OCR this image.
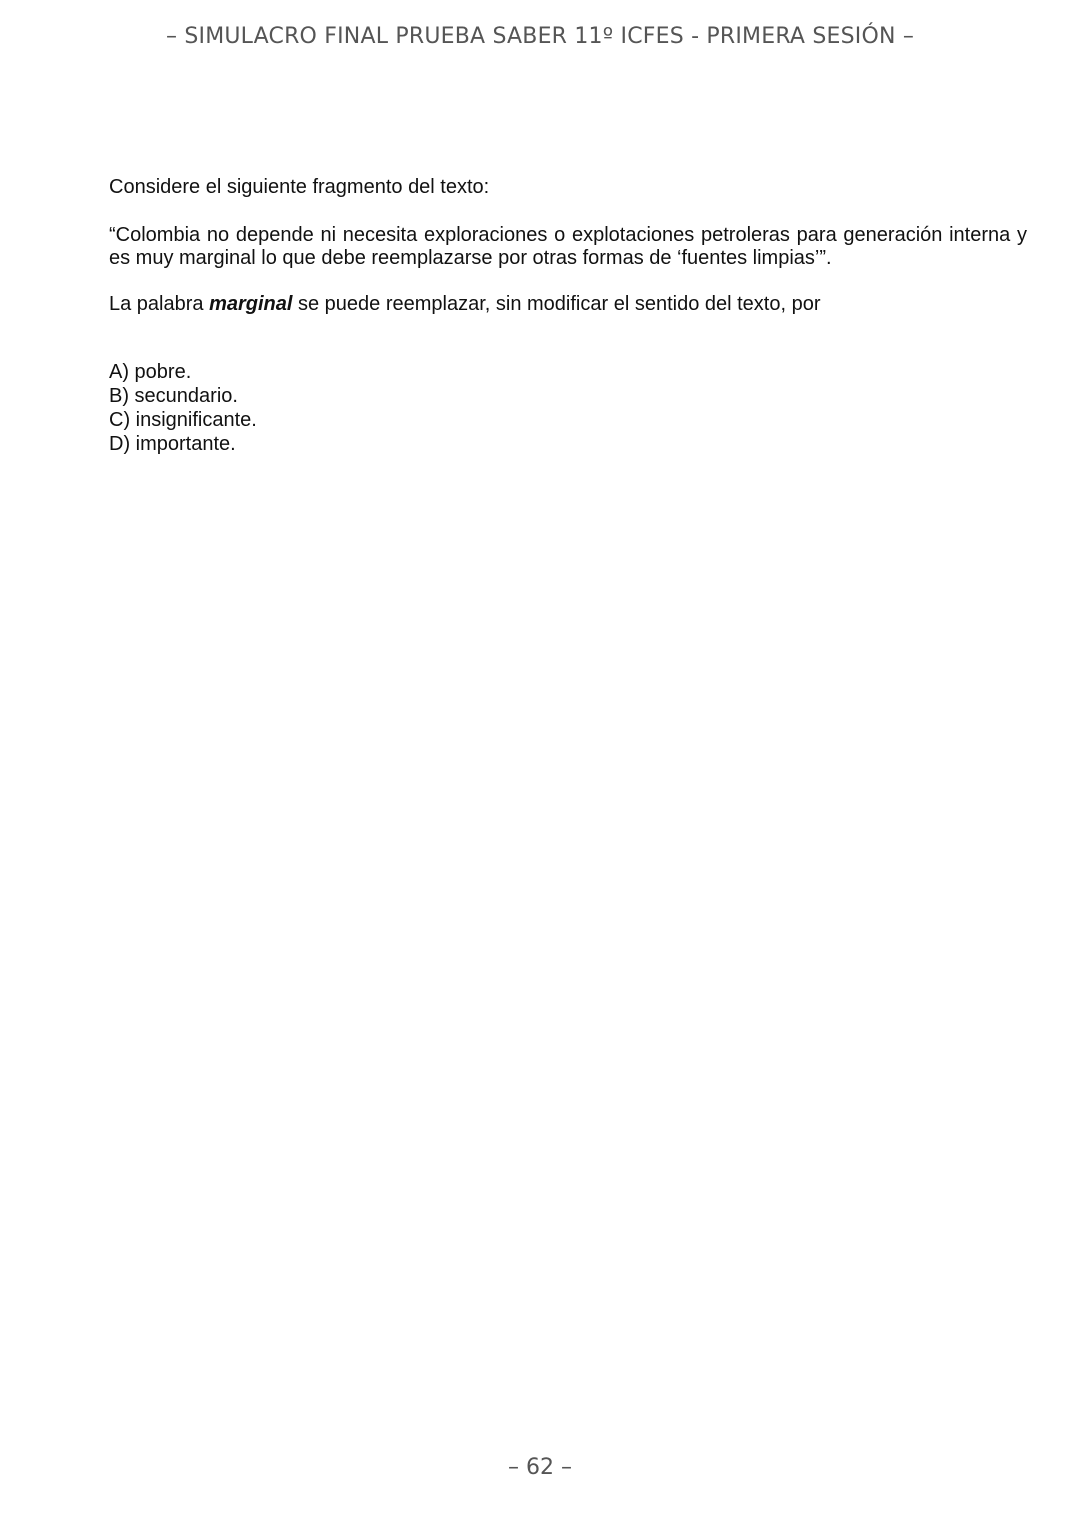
– SIMULACRO FINAL PRUEBA SABER 11º ICFES - PRIMERA SESIÓN –

Considere el siguiente fragmento del texto:

“Colombia no depende ni necesita exploraciones o explotaciones petroleras para generación interna y es muy marginal lo que debe reemplazarse por otras formas de ‘fuentes limpias’”.

La palabra marginal se puede reemplazar, sin modificar el sentido del texto, por

A) pobre.
B) secundario.
C) insignificante.
D) importante.
– 62 –
